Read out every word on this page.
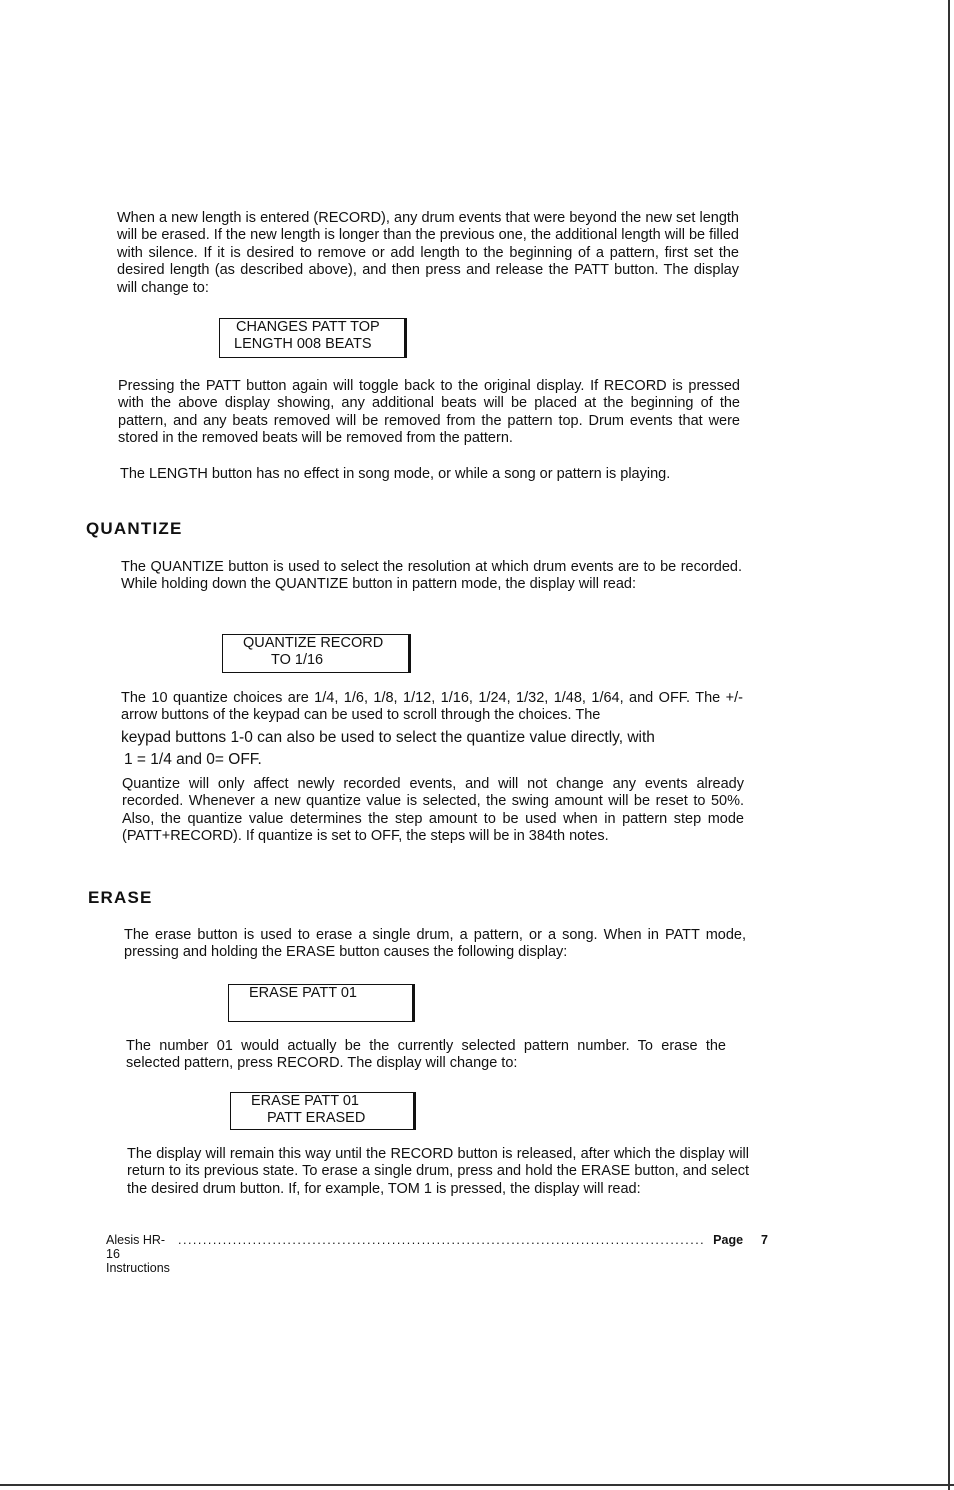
When a new length is entered (RECORD), any drum events that were beyond the new set length will be erased. If the new length is longer than the previous one, the additional length will be filled with silence. If it is desired to remove or add length to the beginning of a pattern, first set the desired length (as described above), and then press and release the PATT button. The display will change to:

CHANGES PATT TOP
LENGTH 008 BEATS

Pressing the PATT button again will toggle back to the original display. If RECORD is pressed with the above display showing, any additional beats will be placed at the beginning of the pattern, and any beats removed will be removed from the pattern top. Drum events that were stored in the removed beats will be removed from the pattern.

The LENGTH button has no effect in song mode, or while a song or pattern is playing.

QUANTIZE

The QUANTIZE button is used to select the resolution at which drum events are to be recorded. While holding down the QUANTIZE button in pattern mode, the display will read:

QUANTIZE RECORD
TO 1/16

The 10 quantize choices are 1/4, 1/6, 1/8, 1/12, 1/16, 1/24, 1/32, 1/48, 1/64, and OFF. The +/- arrow buttons of the keypad can be used to scroll through the choices. The

keypad buttons 1-0 can also be used to select the quantize value directly, with

1 = 1/4 and 0= OFF.

Quantize will only affect newly recorded events, and will not change any events already recorded. Whenever a new quantize value is selected, the swing amount will be reset to 50%. Also, the quantize value determines the step amount to be used when in pattern step mode (PATT+RECORD). If quantize is set to OFF, the steps will be in 384th notes.

ERASE

The erase button is used to erase a single drum, a pattern, or a song. When in PATT mode, pressing and holding the ERASE button causes the following display:

ERASE PATT 01

The number 01 would actually be the currently selected pattern number. To erase the selected pattern, press RECORD. The display will change to:

ERASE PATT 01
PATT ERASED

The display will remain this way until the RECORD button is released, after which the display will return to its previous state. To erase a single drum, press and hold the ERASE button, and select the desired drum button. If, for example, TOM 1 is pressed, the display will read:

Alesis HR-16 Instructions
.......................................................................................................... Page 7
